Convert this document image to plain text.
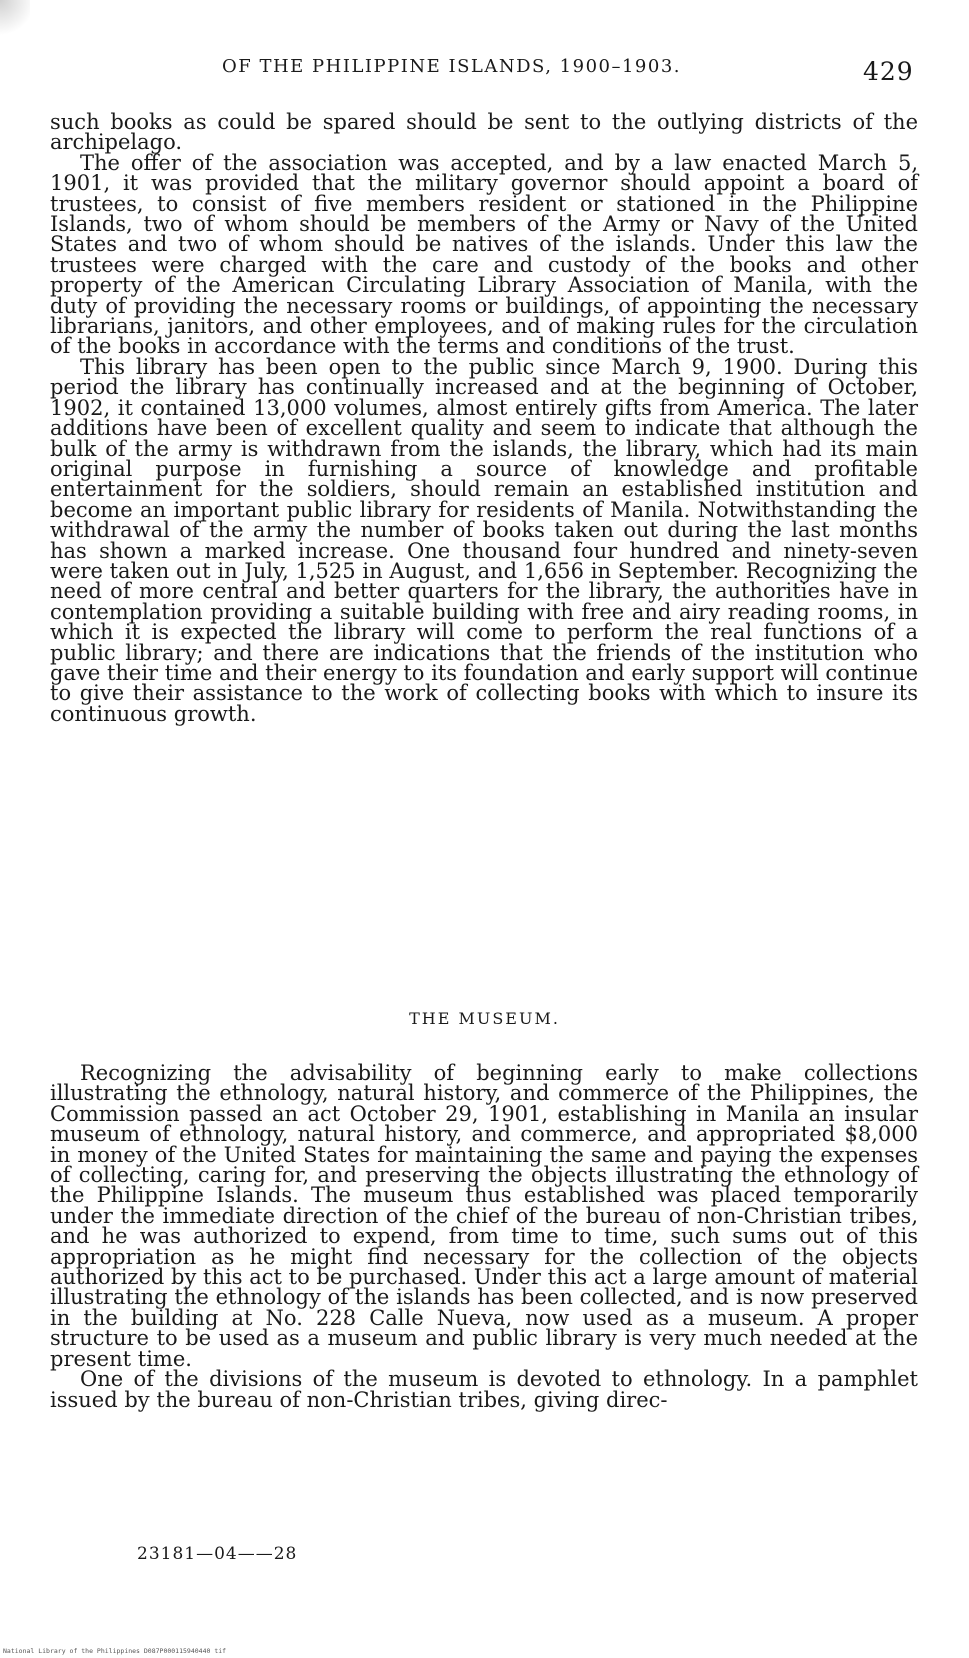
OF THE PHILIPPINE ISLANDS, 1900–1903.	429

such books as could be spared should be sent to the outlying districts of the archipelago.

The offer of the association was accepted, and by a law enacted March 5, 1901, it was provided that the military governor should appoint a board of trustees, to consist of five members resident or stationed in the Philippine Islands, two of whom should be members of the Army or Navy of the United States and two of whom should be natives of the islands. Under this law the trustees were charged with the care and custody of the books and other property of the American Circulating Library Association of Manila, with the duty of providing the necessary rooms or buildings, of appointing the necessary librarians, janitors, and other employees, and of making rules for the circulation of the books in accordance with the terms and conditions of the trust.

This library has been open to the public since March 9, 1900. During this period the library has continually increased and at the beginning of October, 1902, it contained 13,000 volumes, almost entirely gifts from America. The later additions have been of excellent quality and seem to indicate that although the bulk of the army is withdrawn from the islands, the library, which had its main original purpose in furnishing a source of knowledge and profitable entertainment for the soldiers, should remain an established institution and become an important public library for residents of Manila. Notwithstanding the withdrawal of the army the number of books taken out during the last months has shown a marked increase. One thousand four hundred and ninety-seven were taken out in July, 1,525 in August, and 1,656 in September. Recognizing the need of more central and better quarters for the library, the authorities have in contemplation providing a suitable building with free and airy reading rooms, in which it is expected the library will come to perform the real functions of a public library; and there are indications that the friends of the institution who gave their time and their energy to its foundation and early support will continue to give their assistance to the work of collecting books with which to insure its continuous growth.

THE MUSEUM.

Recognizing the advisability of beginning early to make collections illustrating the ethnology, natural history, and commerce of the Philippines, the Commission passed an act October 29, 1901, establishing in Manila an insular museum of ethnology, natural history, and commerce, and appropriated $8,000 in money of the United States for maintaining the same and paying the expenses of collecting, caring for, and preserving the objects illustrating the ethnology of the Philippine Islands. The museum thus established was placed temporarily under the immediate direction of the chief of the bureau of non-Christian tribes, and he was authorized to expend, from time to time, such sums out of this appropriation as he might find necessary for the collection of the objects authorized by this act to be purchased. Under this act a large amount of material illustrating the ethnology of the islands has been collected, and is now preserved in the building at No. 228 Calle Nueva, now used as a museum. A proper structure to be used as a museum and public library is very much needed at the present time.

One of the divisions of the museum is devoted to ethnology. In a pamphlet issued by the bureau of non-Christian tribes, giving direc-

23181—04——28
National Library of the Philippines D087P000115940440 tif
